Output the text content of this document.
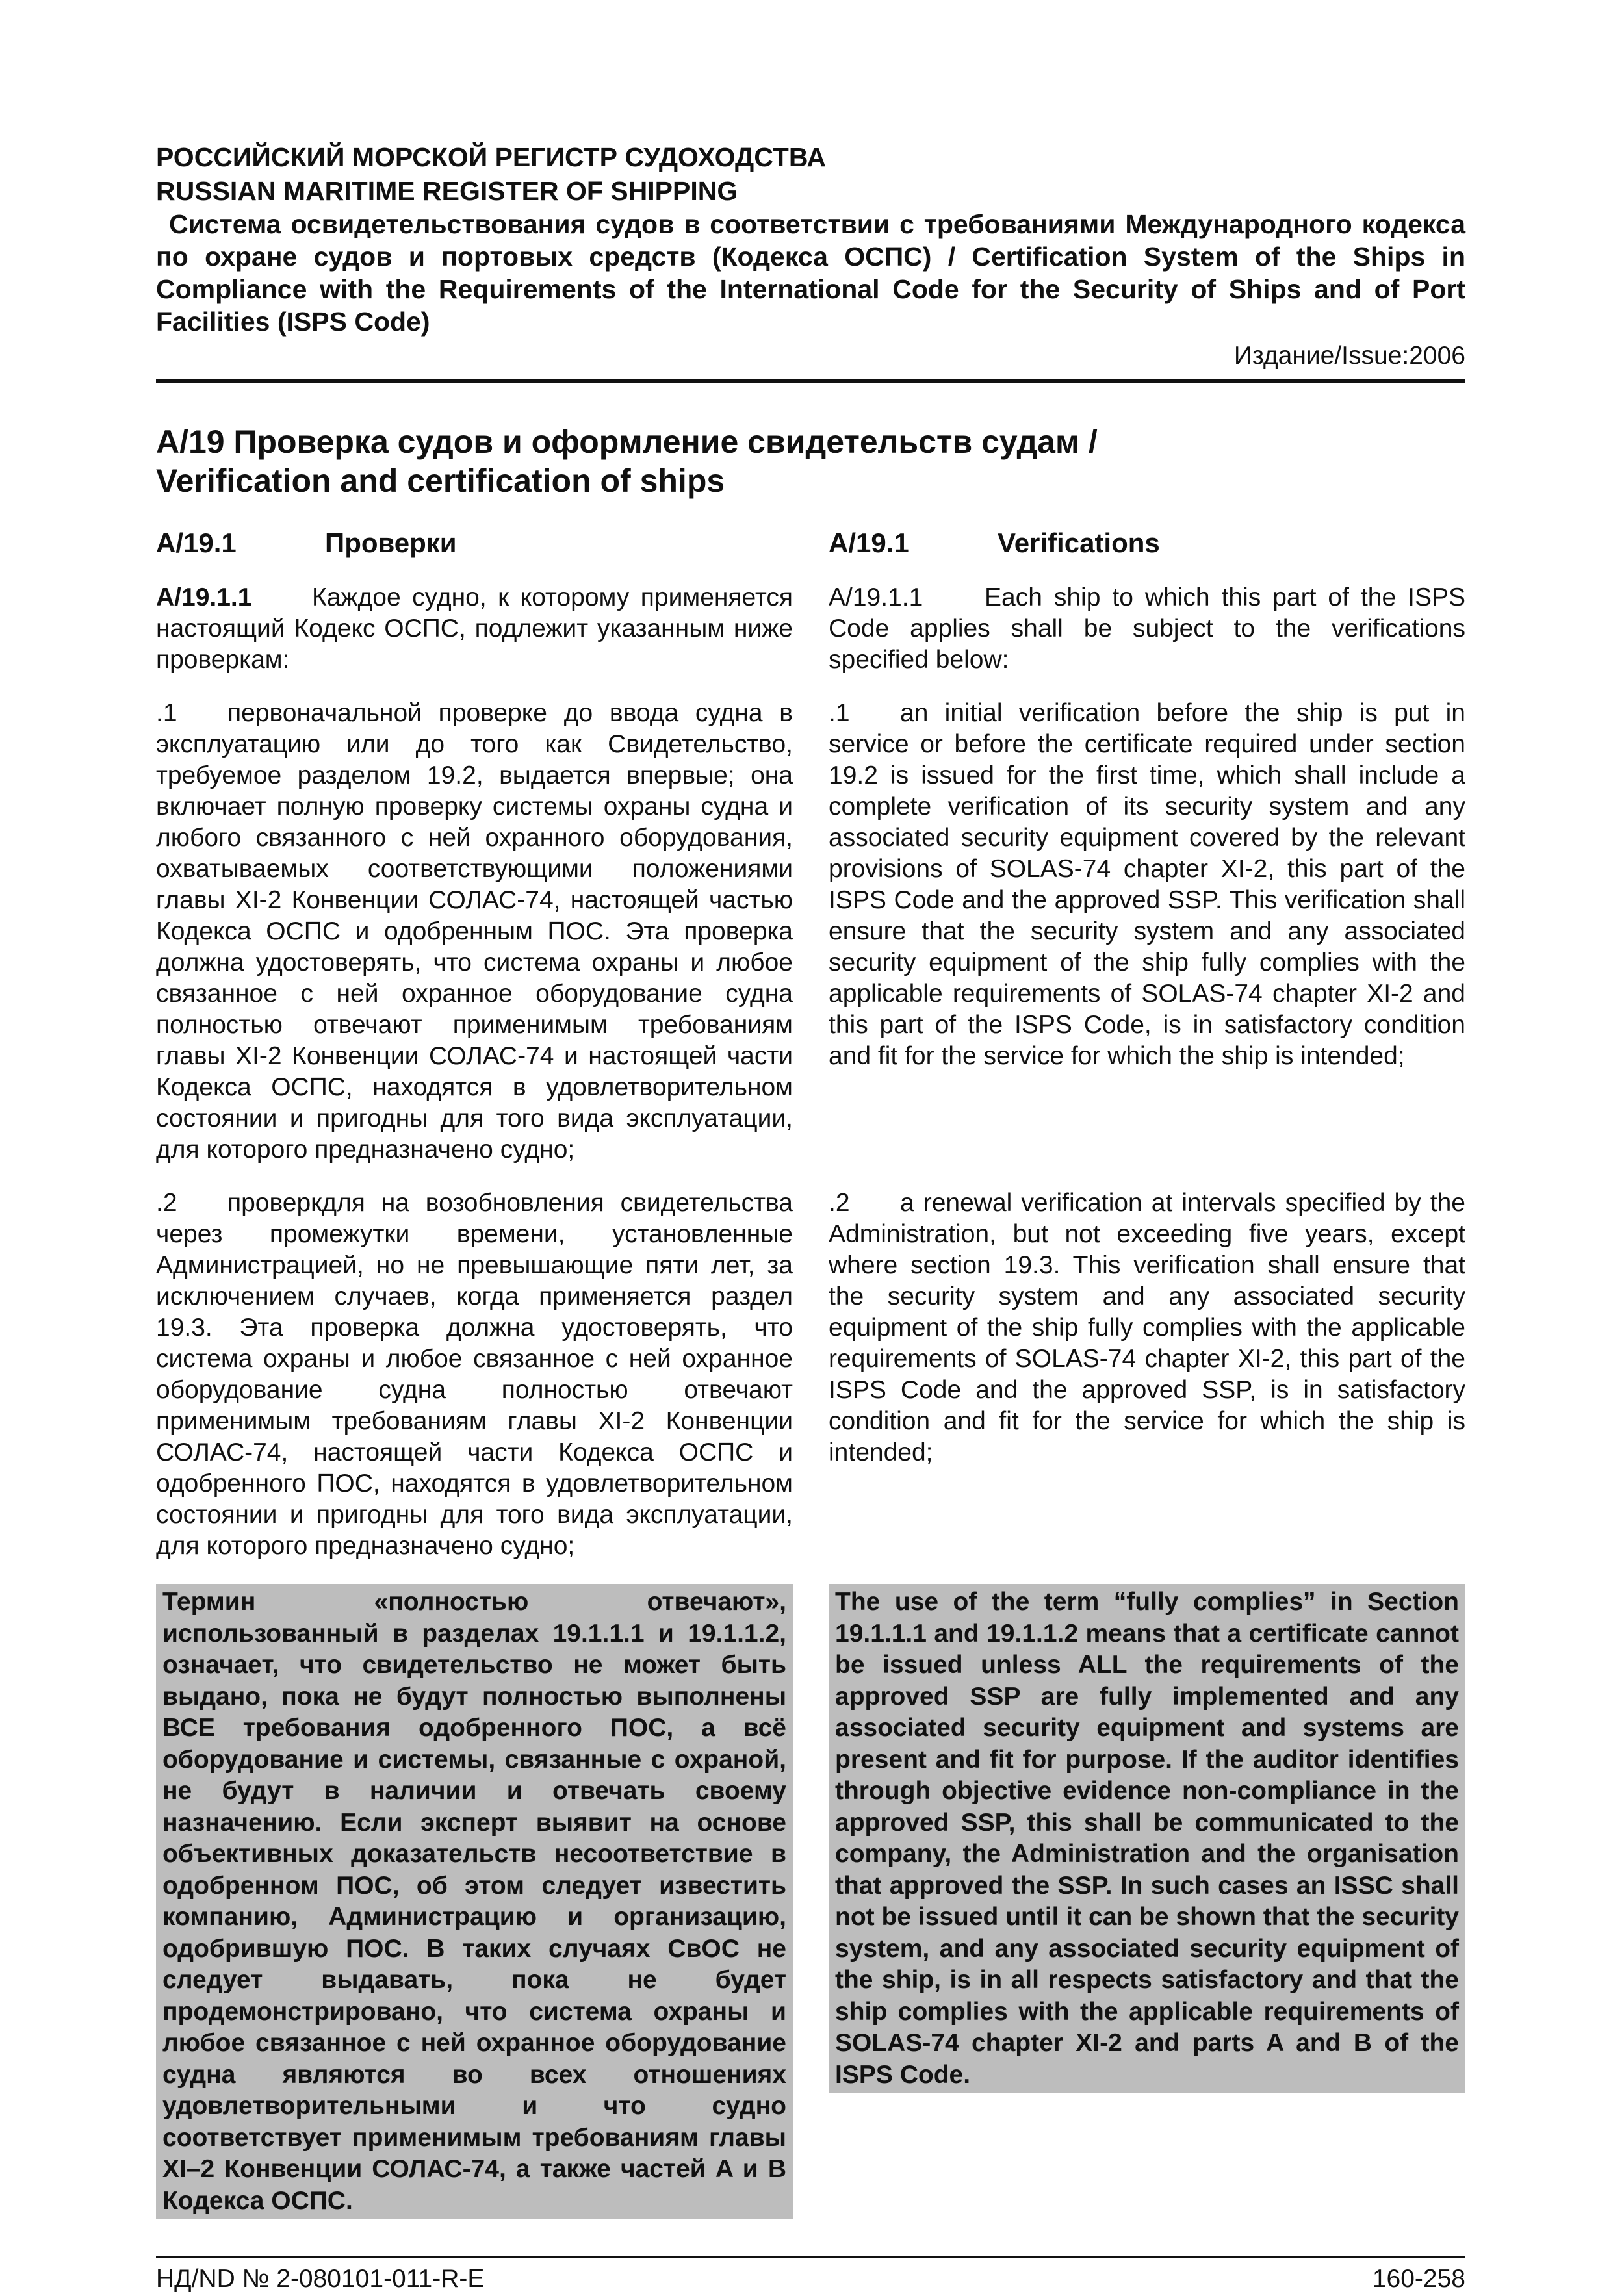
РОССИЙСКИЙ МОРСКОЙ РЕГИСТР СУДОХОДСТВА
RUSSIAN MARITIME REGISTER OF SHIPPING
Система освидетельствования судов в соответствии с требованиями Международного кодекса по охране судов и портовых средств (Кодекса ОСПС) / Certification System of the Ships in Compliance with the Requirements of the International Code for the Security of Ships and of Port Facilities (ISPS Code)
Издание/Issue:2006
A/19 Проверка судов и оформление свидетельств судам /
Verification and certification of ships
A/19.1	Проверки	A/19.1	Verifications

A/19.1.1 Каждое судно, к которому применяется настоящий Кодекс ОСПС, подлежит указанным ниже проверкам:

A/19.1.1 Each ship to which this part of the ISPS Code applies shall be subject to the verifications specified below:

.1 первоначальной проверке до ввода судна в эксплуатацию или до того как Свидетельство, требуемое разделом 19.2, выдается впервые; она включает полную проверку системы охраны судна и любого связанного с ней охранного оборудования, охватываемых соответствующими положениями главы XI-2 Конвенции СОЛАС-74, настоящей частью Кодекса ОСПС и одобренным ПОС. Эта проверка должна удостоверять, что система охраны и любое связанное с ней охранное оборудование судна полностью отвечают применимым требованиям главы XI-2 Конвенции СОЛАС-74 и настоящей части Кодекса ОСПС, находятся в удовлетворительном состоянии и пригодны для того вида эксплуатации, для которого предназначено судно;

.1 an initial verification before the ship is put in service or before the certificate required under section 19.2 is issued for the first time, which shall include a complete verification of its security system and any associated security equipment covered by the relevant provisions of SOLAS-74 chapter XI-2, this part of the ISPS Code and the approved SSP. This verification shall ensure that the security system and any associated security equipment of the ship fully complies with the applicable requirements of SOLAS-74 chapter XI-2 and this part of the ISPS Code, is in satisfactory condition and fit for the service for which the ship is intended;

.2 проверкдля на возобновления свидетельства через промежутки времени, установленные Администрацией, но не превышающие пяти лет, за исключением случаев, когда применяется раздел 19.3. Эта проверка должна удостоверять, что система охраны и любое связанное с ней охранное оборудование судна полностью отвечают применимым требованиям главы XI-2 Конвенции СОЛАС-74, настоящей части Кодекса ОСПС и одобренного ПОС, находятся в удовлетворительном состоянии и пригодны для того вида эксплуатации, для которого предназначено судно;

.2 a renewal verification at intervals specified by the Administration, but not exceeding five years, except where section 19.3. This verification shall ensure that the security system and any associated security equipment of the ship fully complies with the applicable requirements of SOLAS-74 chapter XI-2, this part of the ISPS Code and the approved SSP, is in satisfactory condition and fit for the service for which the ship is intended;

Термин «полностью отвечают», использованный в разделах 19.1.1.1 и 19.1.1.2, означает, что свидетельство не может быть выдано, пока не будут полностью выполнены ВСЕ требования одобренного ПОС, а всё оборудование и системы, связанные с охраной, не будут в наличии и отвечать своему назначению. Если эксперт выявит на основе объективных доказательств несоответствие в одобренном ПОС, об этом следует известить компанию, Администрацию и организацию, одобрившую ПОС. В таких случаях СвОС не следует выдавать, пока не будет продемонстрировано, что система охраны и любое связанное с ней охранное оборудование судна являются во всех отношениях удовлетворительными и что судно соответствует применимым требованиям главы XI–2 Конвенции СОЛАС-74, а также частей A и B Кодекса ОСПС.
The use of the term “fully complies” in Section 19.1.1.1 and 19.1.1.2 means that a certificate cannot be issued unless ALL the requirements of the approved SSP are fully implemented and any associated security equipment and systems are present and fit for purpose. If the auditor identifies through objective evidence non-compliance in the approved SSP, this shall be communicated to the company, the Administration and the organisation that approved the SSP. In such cases an ISSC shall not be issued until it can be shown that the security system, and any associated security equipment of the ship, is in all respects satisfactory and that the ship complies with the applicable requirements of SOLAS-74 chapter XI-2 and parts A and B of the ISPS Code.
НД/ND № 2-080101-011-R-E	160-258
